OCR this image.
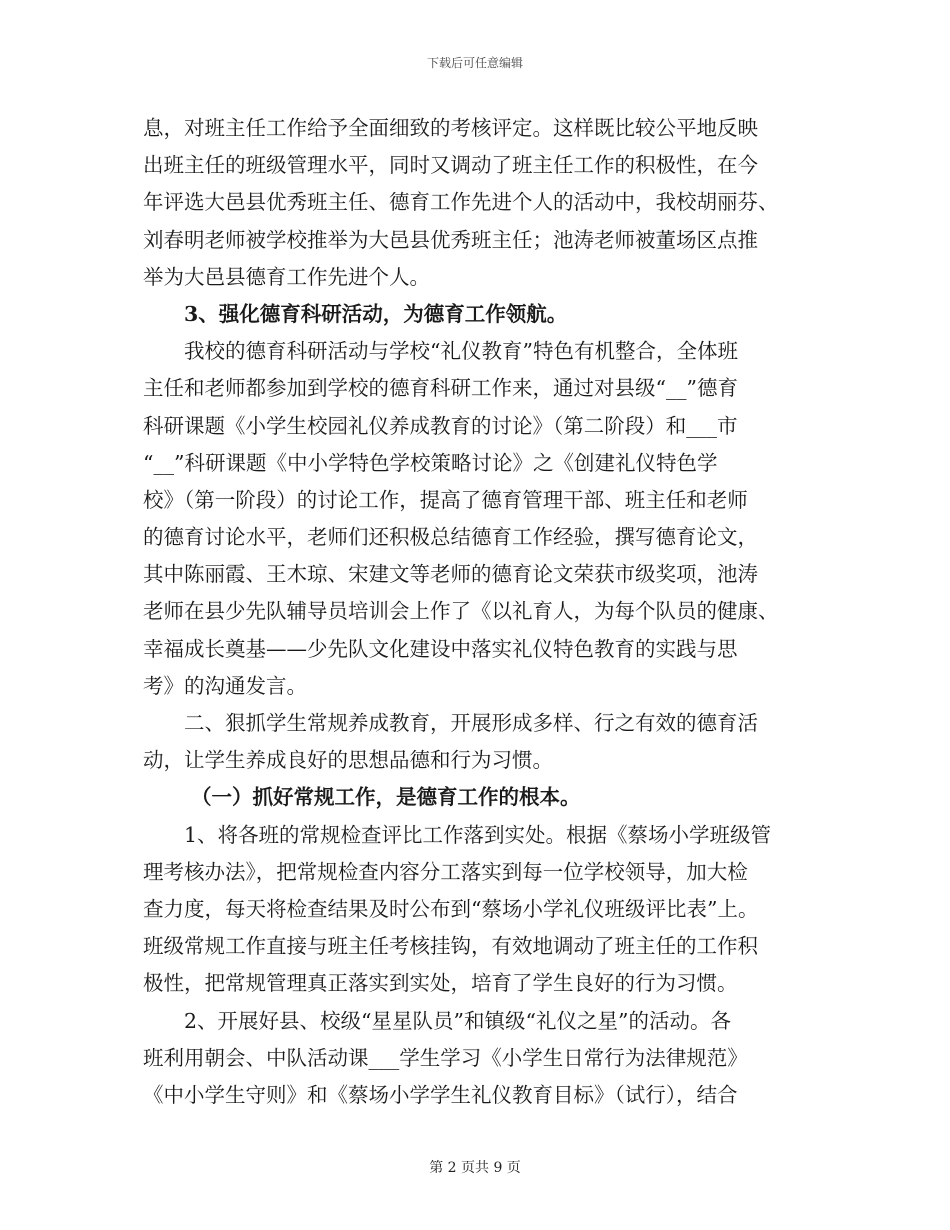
下载后可任意编辑
息，对班主任工作给予全面细致的考核评定。这样既比较公平地反映
出班主任的班级管理水平，同时又调动了班主任工作的积极性，在今
年评选大邑县优秀班主任、德育工作先进个人的活动中，我校胡丽芬、
刘春明老师被学校推举为大邑县优秀班主任；池涛老师被董场区点推
举为大邑县德育工作先进个人。
3、强化德育科研活动，为德育工作领航。
我校的德育科研活动与学校“礼仪教育”特色有机整合，全体班
主任和老师都参加到学校的德育科研工作来，通过对县级“__”德育
科研课题《小学生校园礼仪养成教育的讨论》（第二阶段）和___市
“__”科研课题《中小学特色学校策略讨论》之《创建礼仪特色学
校》（第一阶段）的讨论工作，提高了德育管理干部、班主任和老师
的德育讨论水平，老师们还积极总结德育工作经验，撰写德育论文，
其中陈丽霞、王木琼、宋建文等老师的德育论文荣获市级奖项，池涛
老师在县少先队辅导员培训会上作了《以礼育人，为每个队员的健康、
幸福成长奠基——少先队文化建设中落实礼仪特色教育的实践与思
考》的沟通发言。
二、狠抓学生常规养成教育，开展形成多样、行之有效的德育活
动，让学生养成良好的思想品德和行为习惯。
（一）抓好常规工作，是德育工作的根本。
1、将各班的常规检查评比工作落到实处。根据《蔡场小学班级管
理考核办法》，把常规检查内容分工落实到每一位学校领导，加大检
查力度，每天将检查结果及时公布到“蔡场小学礼仪班级评比表”上。
班级常规工作直接与班主任考核挂钩，有效地调动了班主任的工作积
极性，把常规管理真正落实到实处，培育了学生良好的行为习惯。
2、开展好县、校级“星星队员”和镇级“礼仪之星”的活动。各
班利用朝会、中队活动课___学生学习《小学生日常行为法律规范》
《中小学生守则》和《蔡场小学学生礼仪教育目标》（试行），结合
第 2 页共 9 页
